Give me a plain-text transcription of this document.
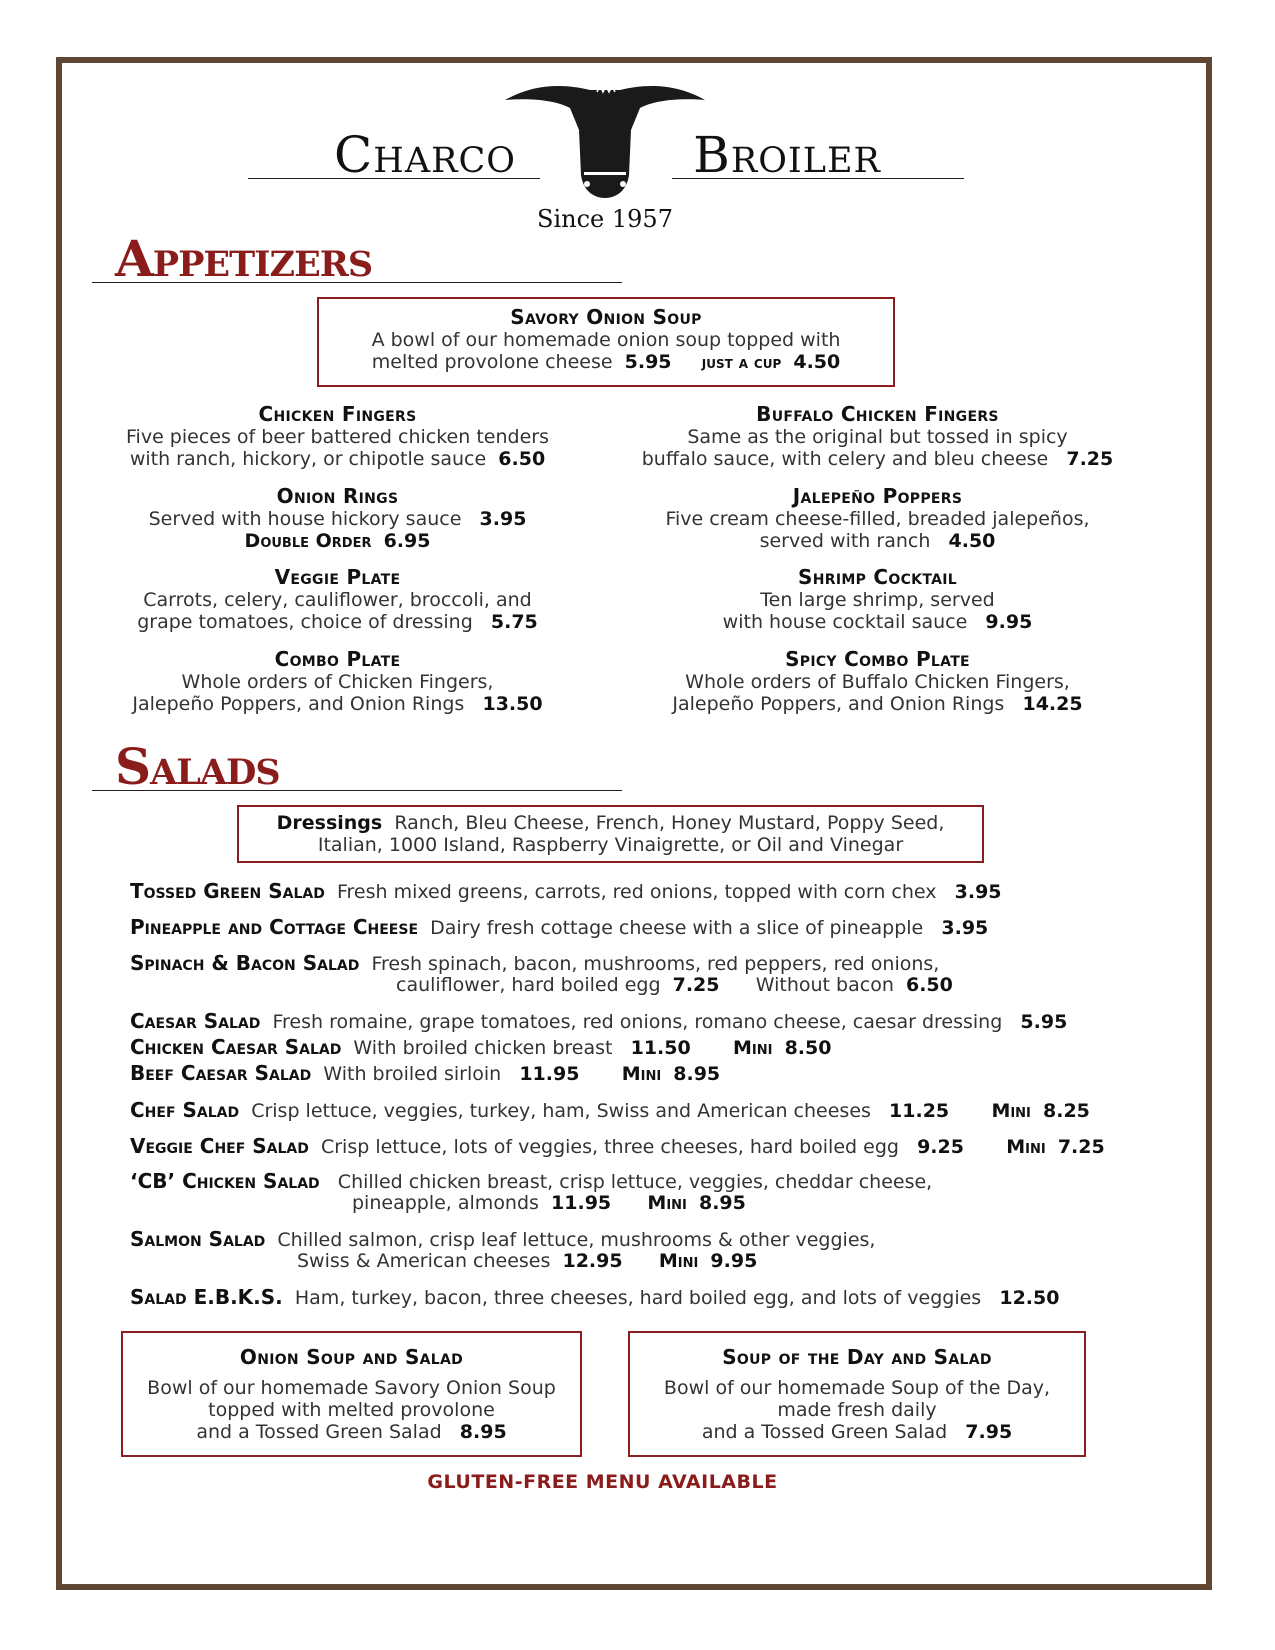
Charco	Broiler
Since 1957
Appetizers
Savory Onion Soup
A bowl of our homemade onion soup topped with
melted provolone cheese 5.95 just a cup 4.50
Chicken Fingers
Five pieces of beer battered chicken tenders
with ranch, hickory, or chipotle sauce 6.50
Onion Rings
Served with house hickory sauce 3.95
Double Order 6.95
Veggie Plate
Carrots, celery, cauliflower, broccoli, and
grape tomatoes, choice of dressing 5.75
Combo Plate
Whole orders of Chicken Fingers,
Jalepeño Poppers, and Onion Rings 13.50
Buffalo Chicken Fingers
Same as the original but tossed in spicy
buffalo sauce, with celery and bleu cheese 7.25
Jalepeño Poppers
Five cream cheese-filled, breaded jalepeños,
served with ranch 4.50
Shrimp Cocktail
Ten large shrimp, served
with house cocktail sauce 9.95
Spicy Combo Plate
Whole orders of Buffalo Chicken Fingers,
Jalepeño Poppers, and Onion Rings 14.25
Salads
Dressings Ranch, Bleu Cheese, French, Honey Mustard, Poppy Seed,
Italian, 1000 Island, Raspberry Vinaigrette, or Oil and Vinegar
Tossed Green Salad Fresh mixed greens, carrots, red onions, topped with corn chex 3.95
Pineapple and Cottage Cheese Dairy fresh cottage cheese with a slice of pineapple 3.95
Spinach & Bacon Salad Fresh spinach, bacon, mushrooms, red peppers, red onions,
cauliflower, hard boiled egg 7.25 Without bacon 6.50
Caesar Salad Fresh romaine, grape tomatoes, red onions, romano cheese, caesar dressing 5.95
Chicken Caesar Salad With broiled chicken breast 11.50 Mini 8.50
Beef Caesar Salad With broiled sirloin 11.95 Mini 8.95
Chef Salad Crisp lettuce, veggies, turkey, ham, Swiss and American cheeses 11.25 Mini 8.25
Veggie Chef Salad Crisp lettuce, lots of veggies, three cheeses, hard boiled egg 9.25 Mini 7.25
‘CB’ Chicken Salad Chilled chicken breast, crisp lettuce, veggies, cheddar cheese,
pineapple, almonds 11.95 Mini 8.95
Salmon Salad Chilled salmon, crisp leaf lettuce, mushrooms & other veggies,
Swiss & American cheeses 12.95 Mini 9.95
Salad E.B.K.S. Ham, turkey, bacon, three cheeses, hard boiled egg, and lots of veggies 12.50
Onion Soup and Salad
Bowl of our homemade Savory Onion Soup
topped with melted provolone
and a Tossed Green Salad 8.95
Soup of the Day and Salad
Bowl of our homemade Soup of the Day,
made fresh daily
and a Tossed Green Salad 7.95
GLUTEN-FREE MENU AVAILABLE
